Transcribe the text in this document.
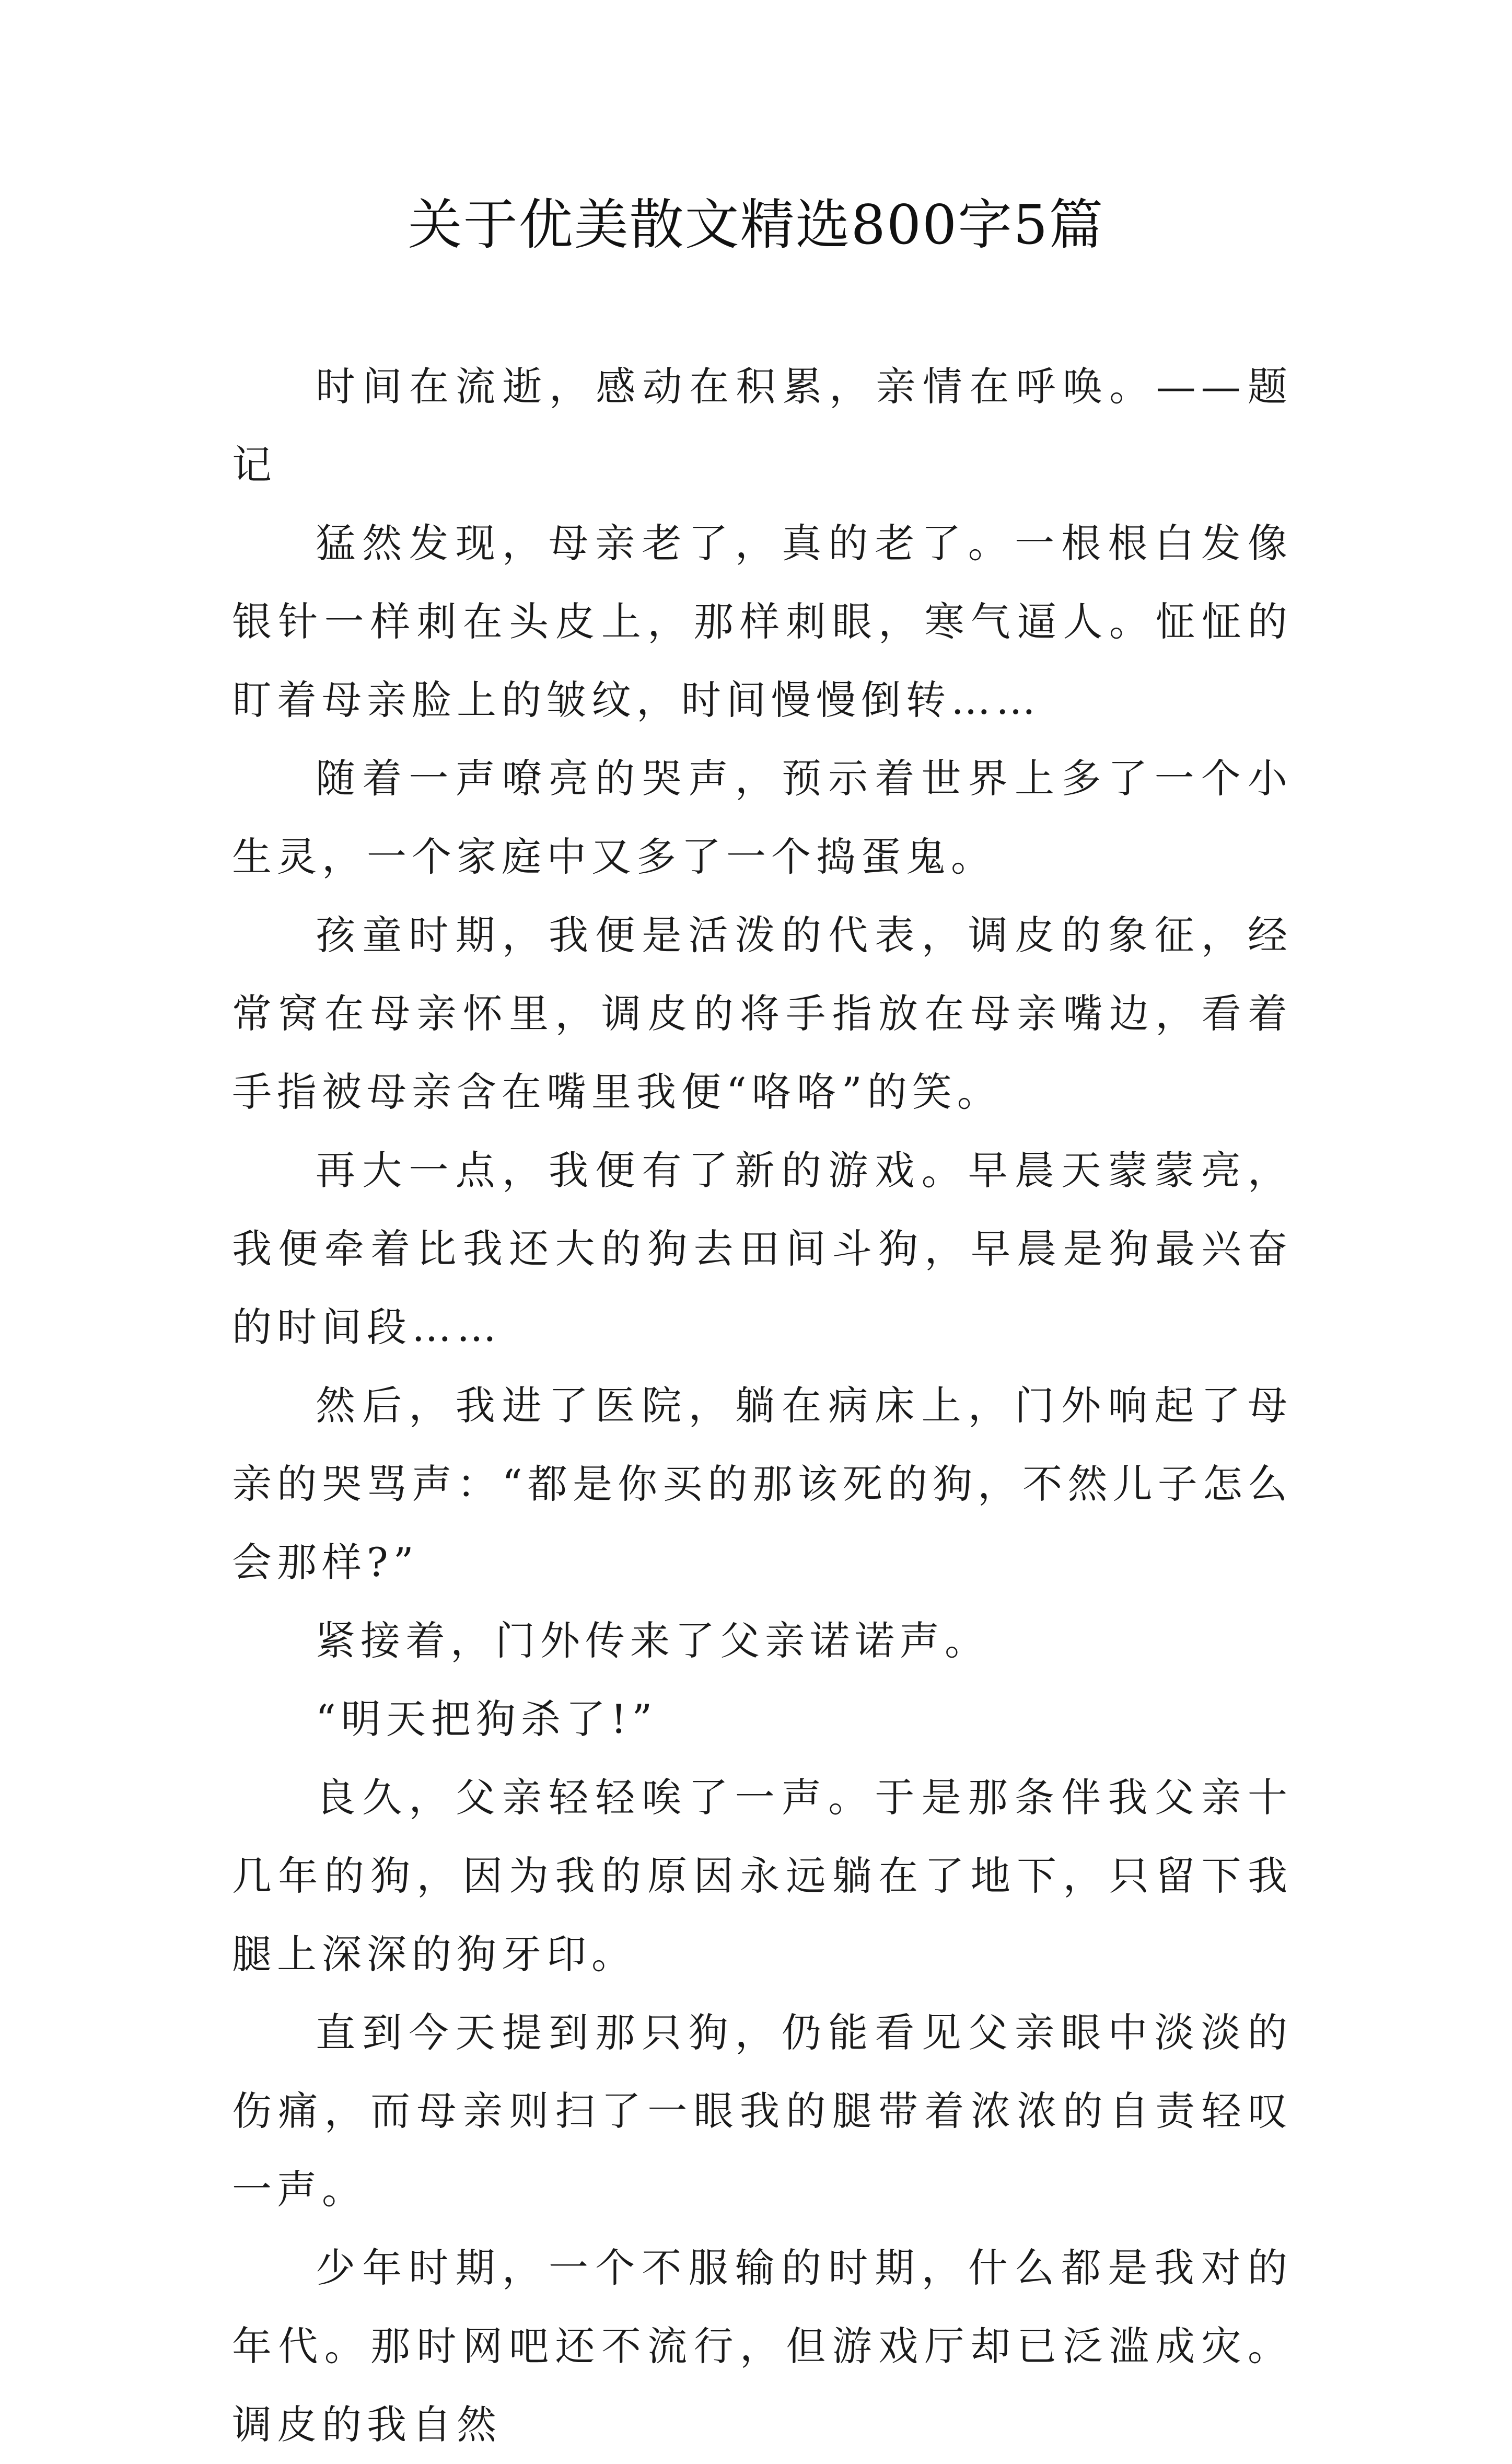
关于优美散文精选800字5篇

时间在流逝，感动在积累，亲情在呼唤。——题记

猛然发现，母亲老了，真的老了。一根根白发像银针一样刺在头皮上，那样刺眼，寒气逼人。怔怔的盯着母亲脸上的皱纹，时间慢慢倒转……

随着一声嘹亮的哭声，预示着世界上多了一个小生灵，一个家庭中又多了一个捣蛋鬼。

孩童时期，我便是活泼的代表，调皮的象征，经常窝在母亲怀里，调皮的将手指放在母亲嘴边，看着手指被母亲含在嘴里我便“咯咯”的笑。

再大一点，我便有了新的游戏。早晨天蒙蒙亮，我便牵着比我还大的狗去田间斗狗，早晨是狗最兴奋的时间段……

然后，我进了医院，躺在病床上，门外响起了母亲的哭骂声：“都是你买的那该死的狗，不然儿子怎么会那样?”

紧接着，门外传来了父亲诺诺声。

“明天把狗杀了!”

良久，父亲轻轻唉了一声。于是那条伴我父亲十几年的狗，因为我的原因永远躺在了地下，只留下我腿上深深的狗牙印。

直到今天提到那只狗，仍能看见父亲眼中淡淡的伤痛，而母亲则扫了一眼我的腿带着浓浓的自责轻叹一声。

少年时期，一个不服输的时期，什么都是我对的年代。那时网吧还不流行，但游戏厅却已泛滥成灾。调皮的我自然
